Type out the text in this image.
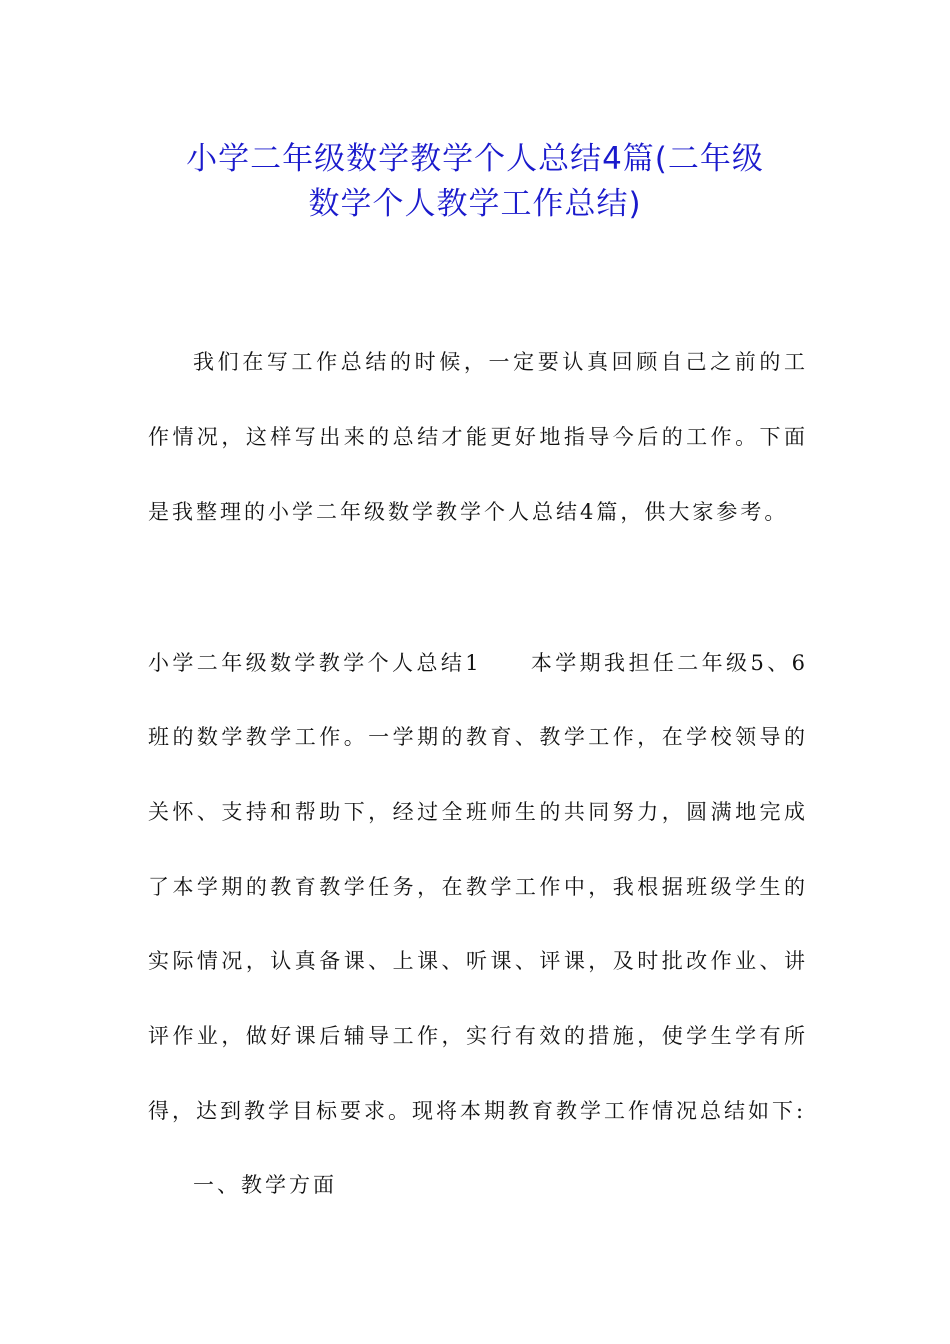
小学二年级数学教学个人总结4篇(二年级
数学个人教学工作总结)
我们在写工作总结的时候，一定要认真回顾自己之前的工
作情况，这样写出来的总结才能更好地指导今后的工作。下面
是我整理的小学二年级数学教学个人总结4篇，供大家参考。
小学二年级数学教学个人总结1　　本学期我担任二年级5、6
班的数学教学工作。一学期的教育、教学工作，在学校领导的
关怀、支持和帮助下，经过全班师生的共同努力，圆满地完成
了本学期的教育教学任务，在教学工作中，我根据班级学生的
实际情况，认真备课、上课、听课、评课，及时批改作业、讲
评作业，做好课后辅导工作，实行有效的措施，使学生学有所
得，达到教学目标要求。现将本期教育教学工作情况总结如下:
一、教学方面
